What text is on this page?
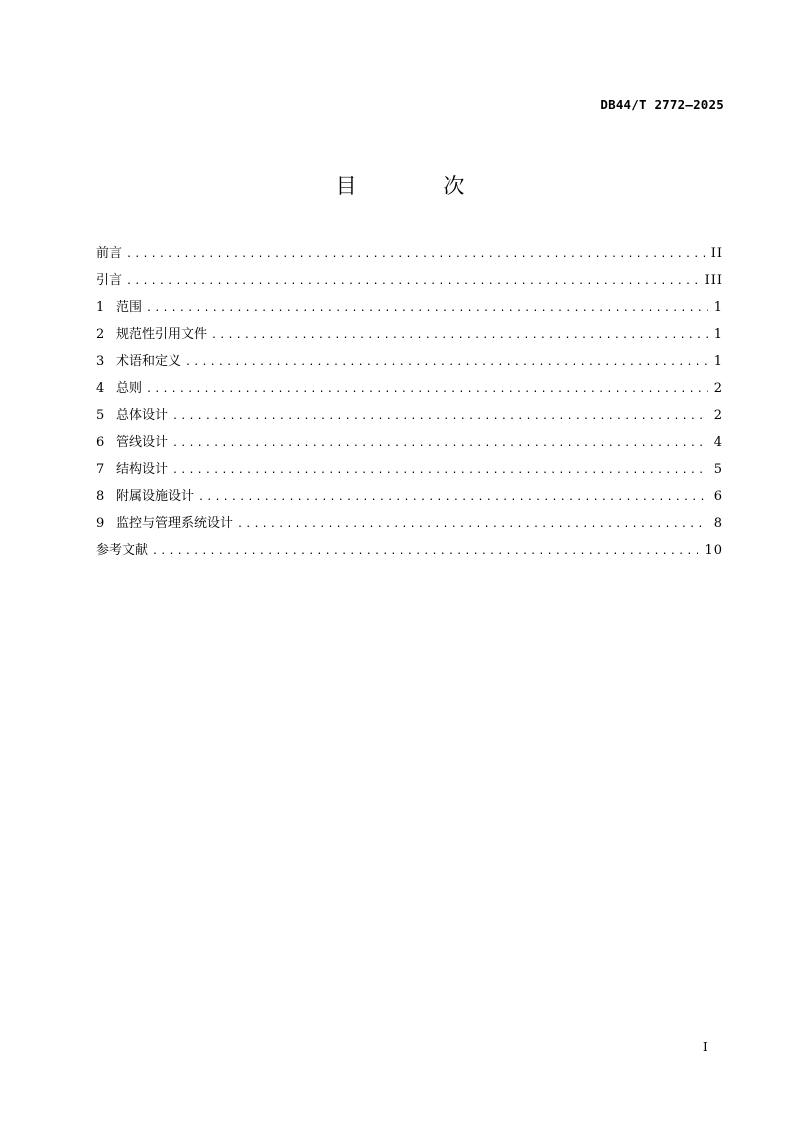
DB44/T 2772—2025
目 次
前言 .....	II
引言 .....	III
1 范围 .....	1
2 规范性引用文件 .....	1
3 术语和定义 .....	1
4 总则 .....	2
5 总体设计 .....	2
6 管线设计 .....	4
7 结构设计 .....	5
8 附属设施设计 .....	6
9 监控与管理系统设计 .....	8
参考文献 .....	10
I
